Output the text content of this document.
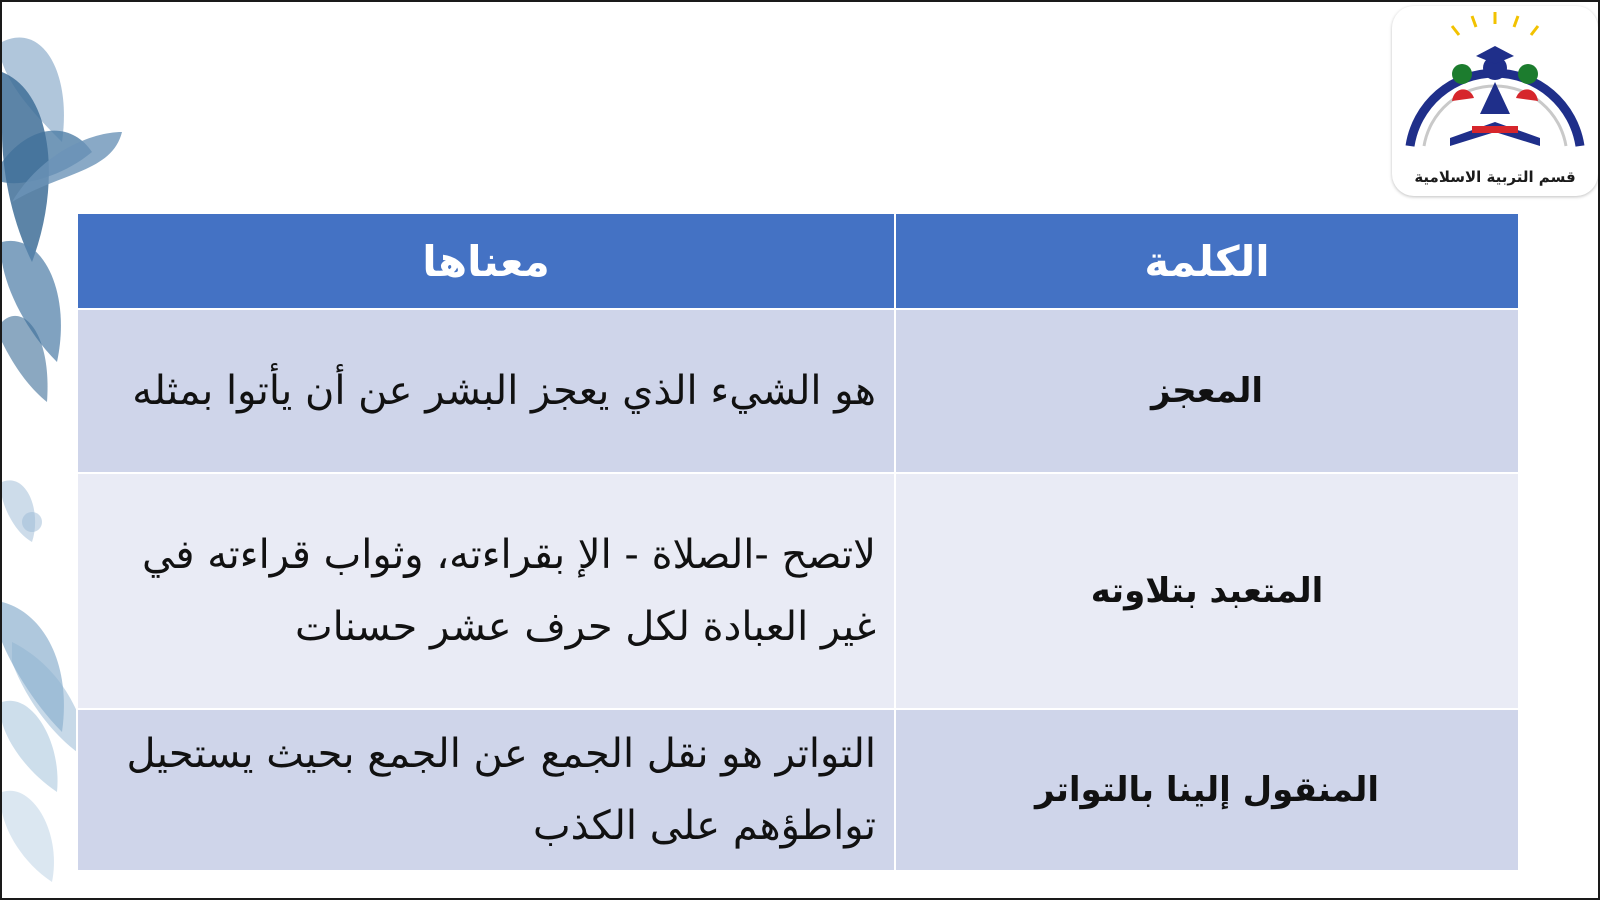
قسم التربية الاسلامية
الكلمة	معناها
المعجز	هو الشيء الذي يعجز البشر عن أن يأتوا بمثله
المتعبد بتلاوته	لاتصح -الصلاة - الإ بقراءته، وثواب قراءته في غير العبادة لكل حرف عشر حسنات
المنقول إلينا بالتواتر	التواتر هو نقل الجمع عن الجمع بحيث يستحيل تواطؤهم على الكذب
